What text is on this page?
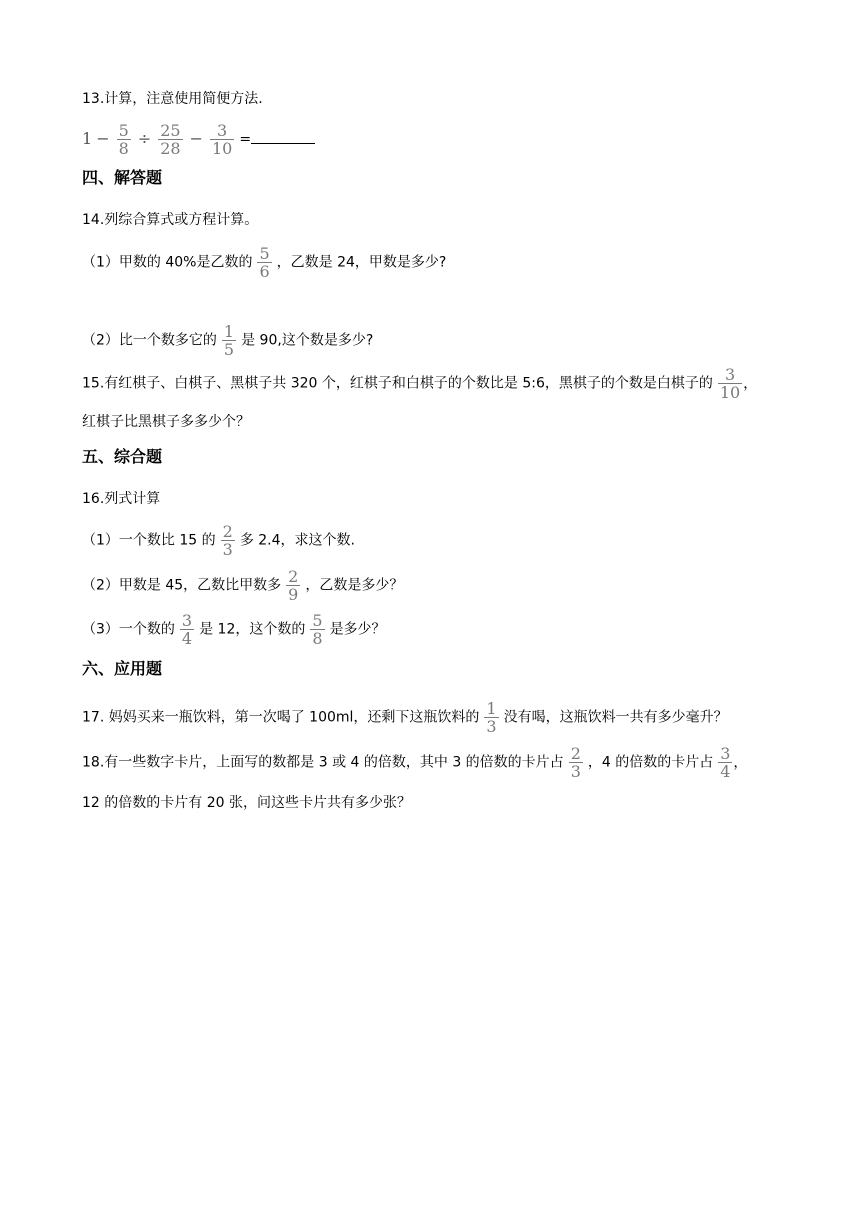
13.计算，注意使用简便方法.
$1 - \frac{5}{8} \div \frac{25}{28} - \frac{3}{10}$ =
四、解答题
14.列综合算式或方程计算。
（1）甲数的 40%是乙数的 $\frac{5}{6}$ ，乙数是 24，甲数是多少?
（2）比一个数多它的 $\frac{1}{5}$ 是 90,这个数是多少?
15.有红棋子、白棋子、黑棋子共 320 个，红棋子和白棋子的个数比是 5:6，黑棋子的个数是白棋子的 $\frac{3}{10}$ ，
红棋子比黑棋子多多少个？
五、综合题
16.列式计算
（1）一个数比 15 的 $\frac{2}{3}$ 多 2.4，求这个数.
（2）甲数是 45，乙数比甲数多 $\frac{2}{9}$ ，乙数是多少？
（3）一个数的 $\frac{3}{4}$ 是 12，这个数的 $\frac{5}{8}$ 是多少？
六、应用题
17. 妈妈买来一瓶饮料，第一次喝了 100ml，还剩下这瓶饮料的 $\frac{1}{3}$ 没有喝，这瓶饮料一共有多少毫升？
18.有一些数字卡片，上面写的数都是 3 或 4 的倍数，其中 3 的倍数的卡片占 $\frac{2}{3}$ ，4 的倍数的卡片占 $\frac{3}{4}$ ，
12 的倍数的卡片有 20 张，问这些卡片共有多少张？
